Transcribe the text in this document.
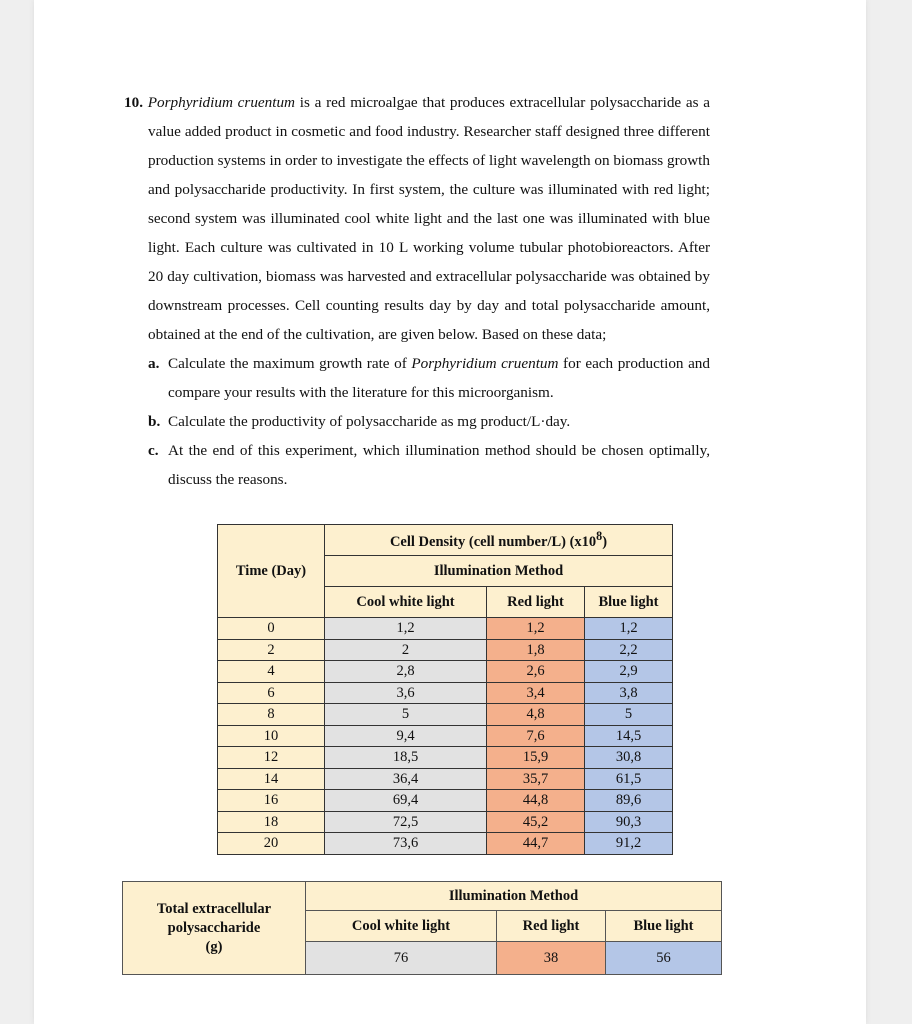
10. Porphyridium cruentum is a red microalgae that produces extracellular polysaccharide as a value added product in cosmetic and food industry. Researcher staff designed three different production systems in order to investigate the effects of light wavelength on biomass growth and polysaccharide productivity. In first system, the culture was illuminated with red light; second system was illuminated cool white light and the last one was illuminated with blue light. Each culture was cultivated in 10 L working volume tubular photobioreactors. After 20 day cultivation, biomass was harvested and extracellular polysaccharide was obtained by downstream processes. Cell counting results day by day and total polysaccharide amount, obtained at the end of the cultivation, are given below. Based on these data;

a. Calculate the maximum growth rate of Porphyridium cruentum for each production and compare your results with the literature for this microorganism.
b. Calculate the productivity of polysaccharide as mg product/L·day.
c. At the end of this experiment, which illumination method should be chosen optimally, discuss the reasons.
Time (Day)	Cell Density (cell number/L) $(x10^8)$		
	Illumination Method		
	Cool white light	Red light	Blue light
0	1,2	1,2	1,2
2	2	1,8	2,2
4	2,8	2,6	2,9
6	3,6	3,4	3,8
8	5	4,8	5
10	9,4	7,6	14,5
12	18,5	15,9	30,8
14	36,4	35,7	61,5
16	69,4	44,8	89,6
18	72,5	45,2	90,3
20	73,6	44,7	91,2
Total extracellular
polysaccharide
(g)	Illumination Method		
	Cool white light	Red light	Blue light
	76	38	56
